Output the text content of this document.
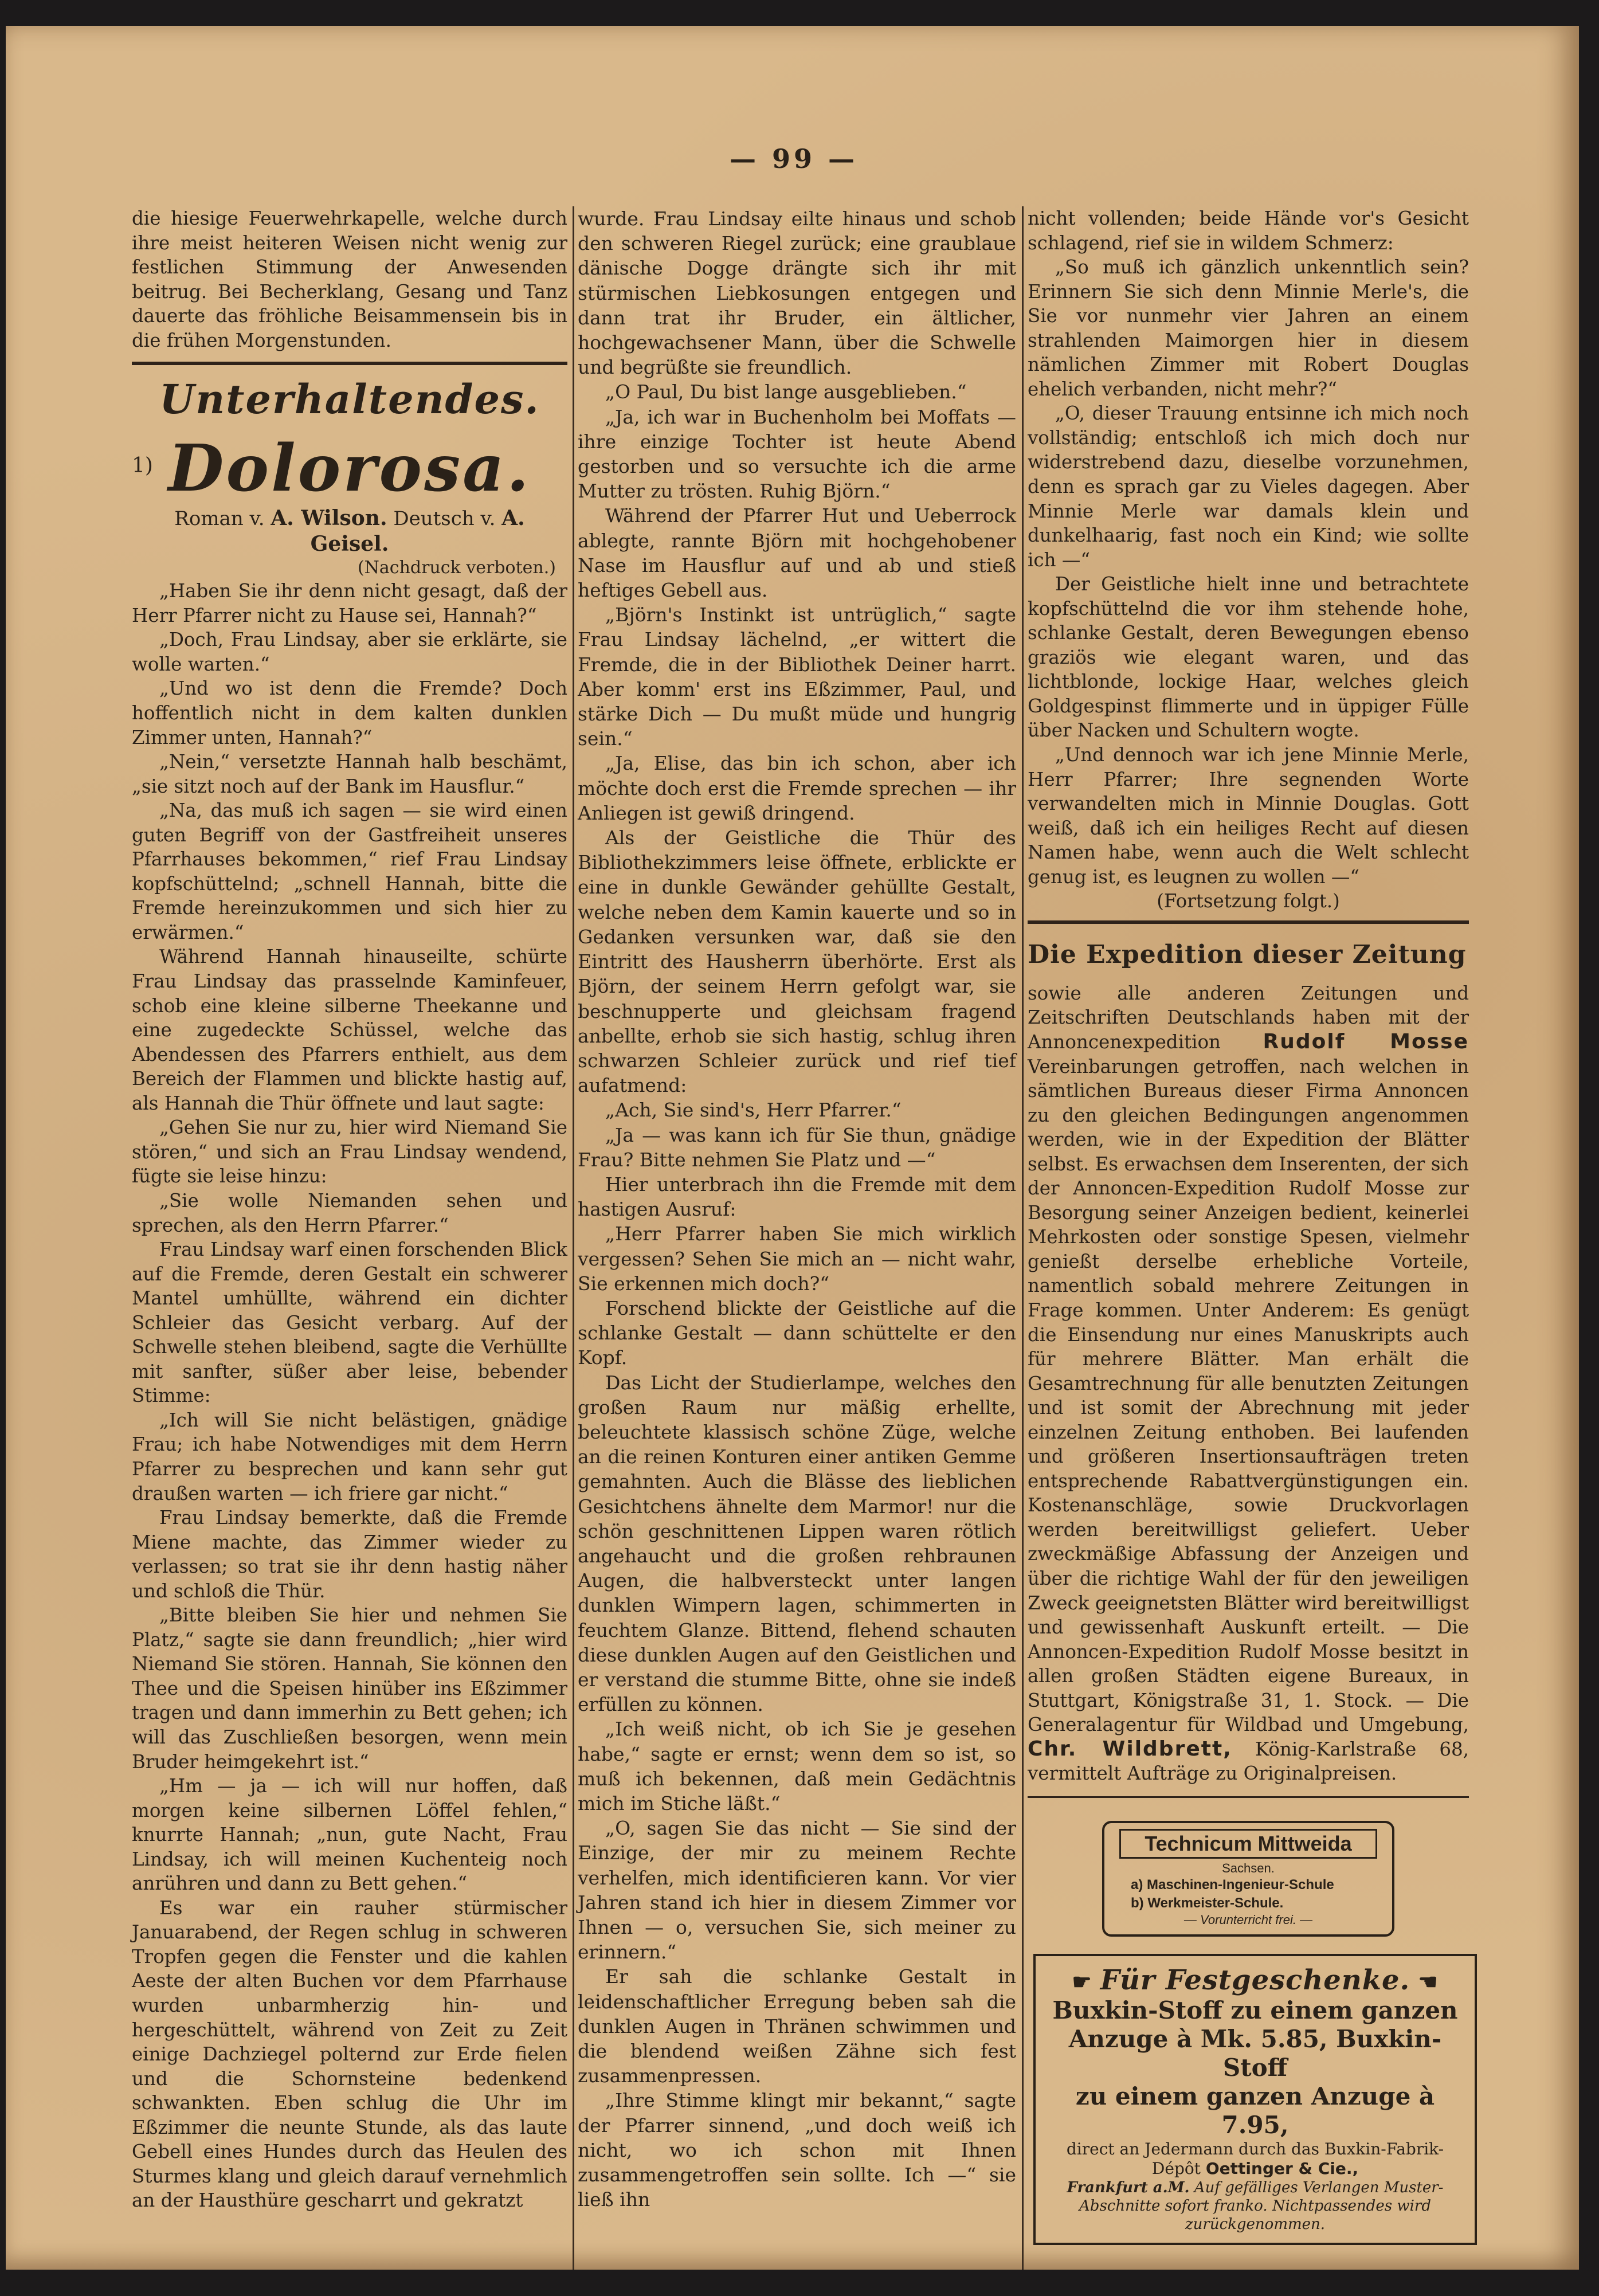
— 99 —

die hiesige Feuerwehrkapelle, welche durch ihre meist heiteren Weisen nicht wenig zur festlichen Stimmung der Anwesenden beitrug. Bei Becherklang, Gesang und Tanz dauerte das fröhliche Beisammensein bis in die frühen Morgenstunden.

Unterhaltendes.
1) Dolorosa.
Roman v. A. Wilson. Deutsch v. A. Geisel.
(Nachdruck verboten.)

„Haben Sie ihr denn nicht gesagt, daß der Herr Pfarrer nicht zu Hause sei, Hannah?“

„Doch, Frau Lindsay, aber sie erklärte, sie wolle warten.“

„Und wo ist denn die Fremde? Doch hoffentlich nicht in dem kalten dunklen Zimmer unten, Hannah?“

„Nein,“ versetzte Hannah halb beschämt, „sie sitzt noch auf der Bank im Hausflur.“

„Na, das muß ich sagen — sie wird einen guten Begriff von der Gastfreiheit unseres Pfarrhauses bekommen,“ rief Frau Lindsay kopfschüttelnd; „schnell Hannah, bitte die Fremde hereinzukommen und sich hier zu erwärmen.“

Während Hannah hinauseilte, schürte Frau Lindsay das prasselnde Kaminfeuer, schob eine kleine silberne Theekanne und eine zugedeckte Schüssel, welche das Abendessen des Pfarrers enthielt, aus dem Bereich der Flammen und blickte hastig auf, als Hannah die Thür öffnete und laut sagte:

„Gehen Sie nur zu, hier wird Niemand Sie stören,“ und sich an Frau Lindsay wendend, fügte sie leise hinzu:

„Sie wolle Niemanden sehen und sprechen, als den Herrn Pfarrer.“

Frau Lindsay warf einen forschenden Blick auf die Fremde, deren Gestalt ein schwerer Mantel umhüllte, während ein dichter Schleier das Gesicht verbarg. Auf der Schwelle stehen bleibend, sagte die Verhüllte mit sanfter, süßer aber leise, bebender Stimme:

„Ich will Sie nicht belästigen, gnädige Frau; ich habe Notwendiges mit dem Herrn Pfarrer zu besprechen und kann sehr gut draußen warten — ich friere gar nicht.“

Frau Lindsay bemerkte, daß die Fremde Miene machte, das Zimmer wieder zu verlassen; so trat sie ihr denn hastig näher und schloß die Thür.

„Bitte bleiben Sie hier und nehmen Sie Platz,“ sagte sie dann freundlich; „hier wird Niemand Sie stören. Hannah, Sie können den Thee und die Speisen hinüber ins Eßzimmer tragen und dann immerhin zu Bett gehen; ich will das Zuschließen besorgen, wenn mein Bruder heimgekehrt ist.“

„Hm — ja — ich will nur hoffen, daß morgen keine silbernen Löffel fehlen,“ knurrte Hannah; „nun, gute Nacht, Frau Lindsay, ich will meinen Kuchenteig noch anrühren und dann zu Bett gehen.“

Es war ein rauher stürmischer Januarabend, der Regen schlug in schweren Tropfen gegen die Fenster und die kahlen Aeste der alten Buchen vor dem Pfarrhause wurden unbarmherzig hin- und hergeschüttelt, während von Zeit zu Zeit einige Dachziegel polternd zur Erde fielen und die Schornsteine bedenkend schwankten. Eben schlug die Uhr im Eßzimmer die neunte Stunde, als das laute Gebell eines Hundes durch das Heulen des Sturmes klang und gleich darauf vernehmlich an der Hausthüre gescharrt und gekratzt

wurde. Frau Lindsay eilte hinaus und schob den schweren Riegel zurück; eine graublaue dänische Dogge drängte sich ihr mit stürmischen Liebkosungen entgegen und dann trat ihr Bruder, ein ältlicher, hochgewachsener Mann, über die Schwelle und begrüßte sie freundlich.

„O Paul, Du bist lange ausgeblieben.“

„Ja, ich war in Buchenholm bei Moffats — ihre einzige Tochter ist heute Abend gestorben und so versuchte ich die arme Mutter zu trösten. Ruhig Björn.“

Während der Pfarrer Hut und Ueberrock ablegte, rannte Björn mit hochgehobener Nase im Hausflur auf und ab und stieß heftiges Gebell aus.

„Björn's Instinkt ist untrüglich,“ sagte Frau Lindsay lächelnd, „er wittert die Fremde, die in der Bibliothek Deiner harrt. Aber komm' erst ins Eßzimmer, Paul, und stärke Dich — Du mußt müde und hungrig sein.“

„Ja, Elise, das bin ich schon, aber ich möchte doch erst die Fremde sprechen — ihr Anliegen ist gewiß dringend.

Als der Geistliche die Thür des Bibliothekzimmers leise öffnete, erblickte er eine in dunkle Gewänder gehüllte Gestalt, welche neben dem Kamin kauerte und so in Gedanken versunken war, daß sie den Eintritt des Hausherrn überhörte. Erst als Björn, der seinem Herrn gefolgt war, sie beschnupperte und gleichsam fragend anbellte, erhob sie sich hastig, schlug ihren schwarzen Schleier zurück und rief tief aufatmend:

„Ach, Sie sind's, Herr Pfarrer.“

„Ja — was kann ich für Sie thun, gnädige Frau? Bitte nehmen Sie Platz und —“

Hier unterbrach ihn die Fremde mit dem hastigen Ausruf:

„Herr Pfarrer haben Sie mich wirklich vergessen? Sehen Sie mich an — nicht wahr, Sie erkennen mich doch?“

Forschend blickte der Geistliche auf die schlanke Gestalt — dann schüttelte er den Kopf.

Das Licht der Studierlampe, welches den großen Raum nur mäßig erhellte, beleuchtete klassisch schöne Züge, welche an die reinen Konturen einer antiken Gemme gemahnten. Auch die Blässe des lieblichen Gesichtchens ähnelte dem Marmor! nur die schön geschnittenen Lippen waren rötlich angehaucht und die großen rehbraunen Augen, die halbversteckt unter langen dunklen Wimpern lagen, schimmerten in feuchtem Glanze. Bittend, flehend schauten diese dunklen Augen auf den Geistlichen und er verstand die stumme Bitte, ohne sie indeß erfüllen zu können.

„Ich weiß nicht, ob ich Sie je gesehen habe,“ sagte er ernst; wenn dem so ist, so muß ich bekennen, daß mein Gedächtnis mich im Stiche läßt.“

„O, sagen Sie das nicht — Sie sind der Einzige, der mir zu meinem Rechte verhelfen, mich identificieren kann. Vor vier Jahren stand ich hier in diesem Zimmer vor Ihnen — o, versuchen Sie, sich meiner zu erinnern.“

Er sah die schlanke Gestalt in leidenschaftlicher Erregung beben sah die dunklen Augen in Thränen schwimmen und die blendend weißen Zähne sich fest zusammenpressen.

„Ihre Stimme klingt mir bekannt,“ sagte der Pfarrer sinnend, „und doch weiß ich nicht, wo ich schon mit Ihnen zusammengetroffen sein sollte. Ich —“ sie ließ ihn

nicht vollenden; beide Hände vor's Gesicht schlagend, rief sie in wildem Schmerz:

„So muß ich gänzlich unkenntlich sein? Erinnern Sie sich denn Minnie Merle's, die Sie vor nunmehr vier Jahren an einem strahlenden Maimorgen hier in diesem nämlichen Zimmer mit Robert Douglas ehelich verbanden, nicht mehr?“

„O, dieser Trauung entsinne ich mich noch vollständig; entschloß ich mich doch nur widerstrebend dazu, dieselbe vorzunehmen, denn es sprach gar zu Vieles dagegen. Aber Minnie Merle war damals klein und dunkelhaarig, fast noch ein Kind; wie sollte ich —“

Der Geistliche hielt inne und betrachtete kopfschüttelnd die vor ihm stehende hohe, schlanke Gestalt, deren Bewegungen ebenso graziös wie elegant waren, und das lichtblonde, lockige Haar, welches gleich Goldgespinst flimmerte und in üppiger Fülle über Nacken und Schultern wogte.

„Und dennoch war ich jene Minnie Merle, Herr Pfarrer; Ihre segnenden Worte verwandelten mich in Minnie Douglas. Gott weiß, daß ich ein heiliges Recht auf diesen Namen habe, wenn auch die Welt schlecht genug ist, es leugnen zu wollen —“

(Fortsetzung folgt.)

Die Expedition dieser Zeitung

sowie alle anderen Zeitungen und Zeitschriften Deutschlands haben mit der Annoncenexpedition Rudolf Mosse Vereinbarungen getroffen, nach welchen in sämtlichen Bureaus dieser Firma Annoncen zu den gleichen Bedingungen angenommen werden, wie in der Expedition der Blätter selbst. Es erwachsen dem Inserenten, der sich der Annoncen-Expedition Rudolf Mosse zur Besorgung seiner Anzeigen bedient, keinerlei Mehrkosten oder sonstige Spesen, vielmehr genießt derselbe erhebliche Vorteile, namentlich sobald mehrere Zeitungen in Frage kommen. Unter Anderem: Es genügt die Einsendung nur eines Manuskripts auch für mehrere Blätter. Man erhält die Gesamtrechnung für alle benutzten Zeitungen und ist somit der Abrechnung mit jeder einzelnen Zeitung enthoben. Bei laufenden und größeren Insertionsaufträgen treten entsprechende Rabattvergünstigungen ein. Kostenanschläge, sowie Druckvorlagen werden bereitwilligst geliefert. Ueber zweckmäßige Abfassung der Anzeigen und über die richtige Wahl der für den jeweiligen Zweck geeignetsten Blätter wird bereitwilligst und gewissenhaft Auskunft erteilt. — Die Annoncen-Expedition Rudolf Mosse besitzt in allen großen Städten eigene Bureaux, in Stuttgart, Königstraße 31, 1. Stock. — Die Generalagentur für Wildbad und Umgebung, Chr. Wildbrett, König-Karlstraße 68, vermittelt Aufträge zu Originalpreisen.

Technicum Mittweida
Sachsen.
a) Maschinen-Ingenieur-Schule
b) Werkmeister-Schule.
— Vorunterricht frei. —
☛ Für Festgeschenke. ☚
Buxkin-Stoff zu einem ganzen
Anzuge à Mk. 5.85, Buxkin-Stoff
zu einem ganzen Anzuge à 7.95,
direct an Jedermann durch das Buxkin-Fabrik-Dépôt Oettinger & Cie.,
Frankfurt a.M. Auf gefälliges Verlangen Muster-Abschnitte sofort franko. Nichtpassendes wird zurückgenommen.
